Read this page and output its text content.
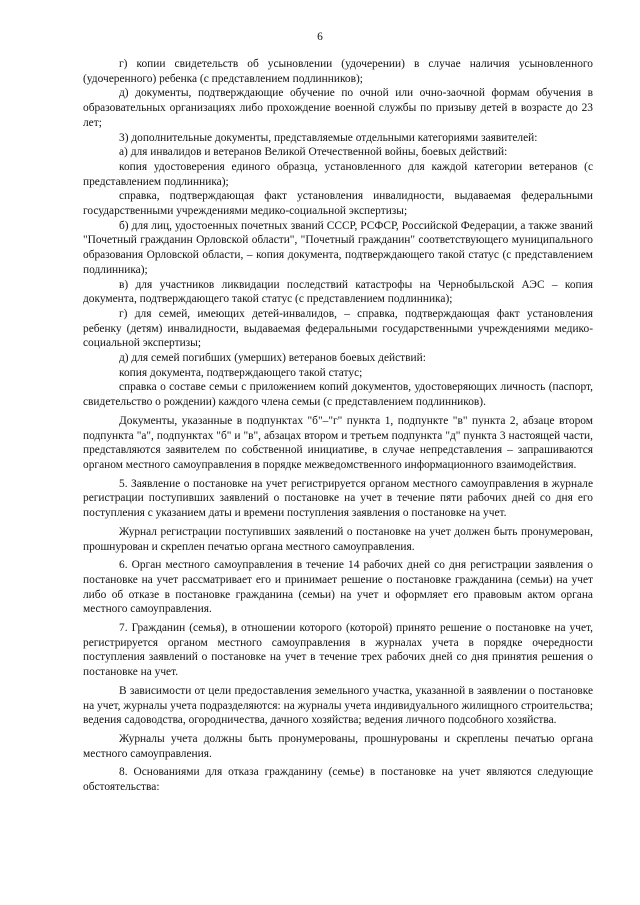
6

г) копии свидетельств об усыновлении (удочерении) в случае наличия усыновленного (удочеренного) ребенка (с представлением подлинников);

д) документы, подтверждающие обучение по очной или очно-заочной формам обучения в образовательных организациях либо прохождение военной службы по призыву детей в возрасте до 23 лет;

3) дополнительные документы, представляемые отдельными категориями заявителей:

а) для инвалидов и ветеранов Великой Отечественной войны, боевых действий:

копия удостоверения единого образца, установленного для каждой категории ветеранов (с представлением подлинника);

справка, подтверждающая факт установления инвалидности, выдаваемая федеральными государственными учреждениями медико-социальной экспертизы;

б) для лиц, удостоенных почетных званий СССР, РСФСР, Российской Федерации, а также званий "Почетный гражданин Орловской области", "Почетный гражданин" соответствующего муниципального образования Орловской области, – копия документа, подтверждающего такой статус (с представлением подлинника);

в) для участников ликвидации последствий катастрофы на Чернобыльской АЭС – копия документа, подтверждающего такой статус (с представлением подлинника);

г) для семей, имеющих детей-инвалидов, – справка, подтверждающая факт установления ребенку (детям) инвалидности, выдаваемая федеральными государственными учреждениями медико-социальной экспертизы;

д) для семей погибших (умерших) ветеранов боевых действий:

копия документа, подтверждающего такой статус;

справка о составе семьи с приложением копий документов, удостоверяющих личность (паспорт, свидетельство о рождении) каждого члена семьи (с представлением подлинников).

Документы, указанные в подпунктах "б"–"г" пункта 1, подпункте "в" пункта 2, абзаце втором подпункта "а", подпунктах "б" и "в", абзацах втором и третьем подпункта "д" пункта 3 настоящей части, представляются заявителем по собственной инициативе, в случае непредставления – запрашиваются органом местного самоуправления в порядке межведомственного информационного взаимодействия.

5. Заявление о постановке на учет регистрируется органом местного самоуправления в журнале регистрации поступивших заявлений о постановке на учет в течение пяти рабочих дней со дня его поступления с указанием даты и времени поступления заявления о постановке на учет.

Журнал регистрации поступивших заявлений о постановке на учет должен быть пронумерован, прошнурован и скреплен печатью органа местного самоуправления.

6. Орган местного самоуправления в течение 14 рабочих дней со дня регистрации заявления о постановке на учет рассматривает его и принимает решение о постановке гражданина (семьи) на учет либо об отказе в постановке гражданина (семьи) на учет и оформляет его правовым актом органа местного самоуправления.

7. Гражданин (семья), в отношении которого (которой) принято решение о постановке на учет, регистрируется органом местного самоуправления в журналах учета в порядке очередности поступления заявлений о постановке на учет в течение трех рабочих дней со дня принятия решения о постановке на учет.

В зависимости от цели предоставления земельного участка, указанной в заявлении о постановке на учет, журналы учета подразделяются: на журналы учета индивидуального жилищного строительства; ведения садоводства, огородничества, дачного хозяйства; ведения личного подсобного хозяйства.

Журналы учета должны быть пронумерованы, прошнурованы и скреплены печатью органа местного самоуправления.

8. Основаниями для отказа гражданину (семье) в постановке на учет являются следующие обстоятельства:
